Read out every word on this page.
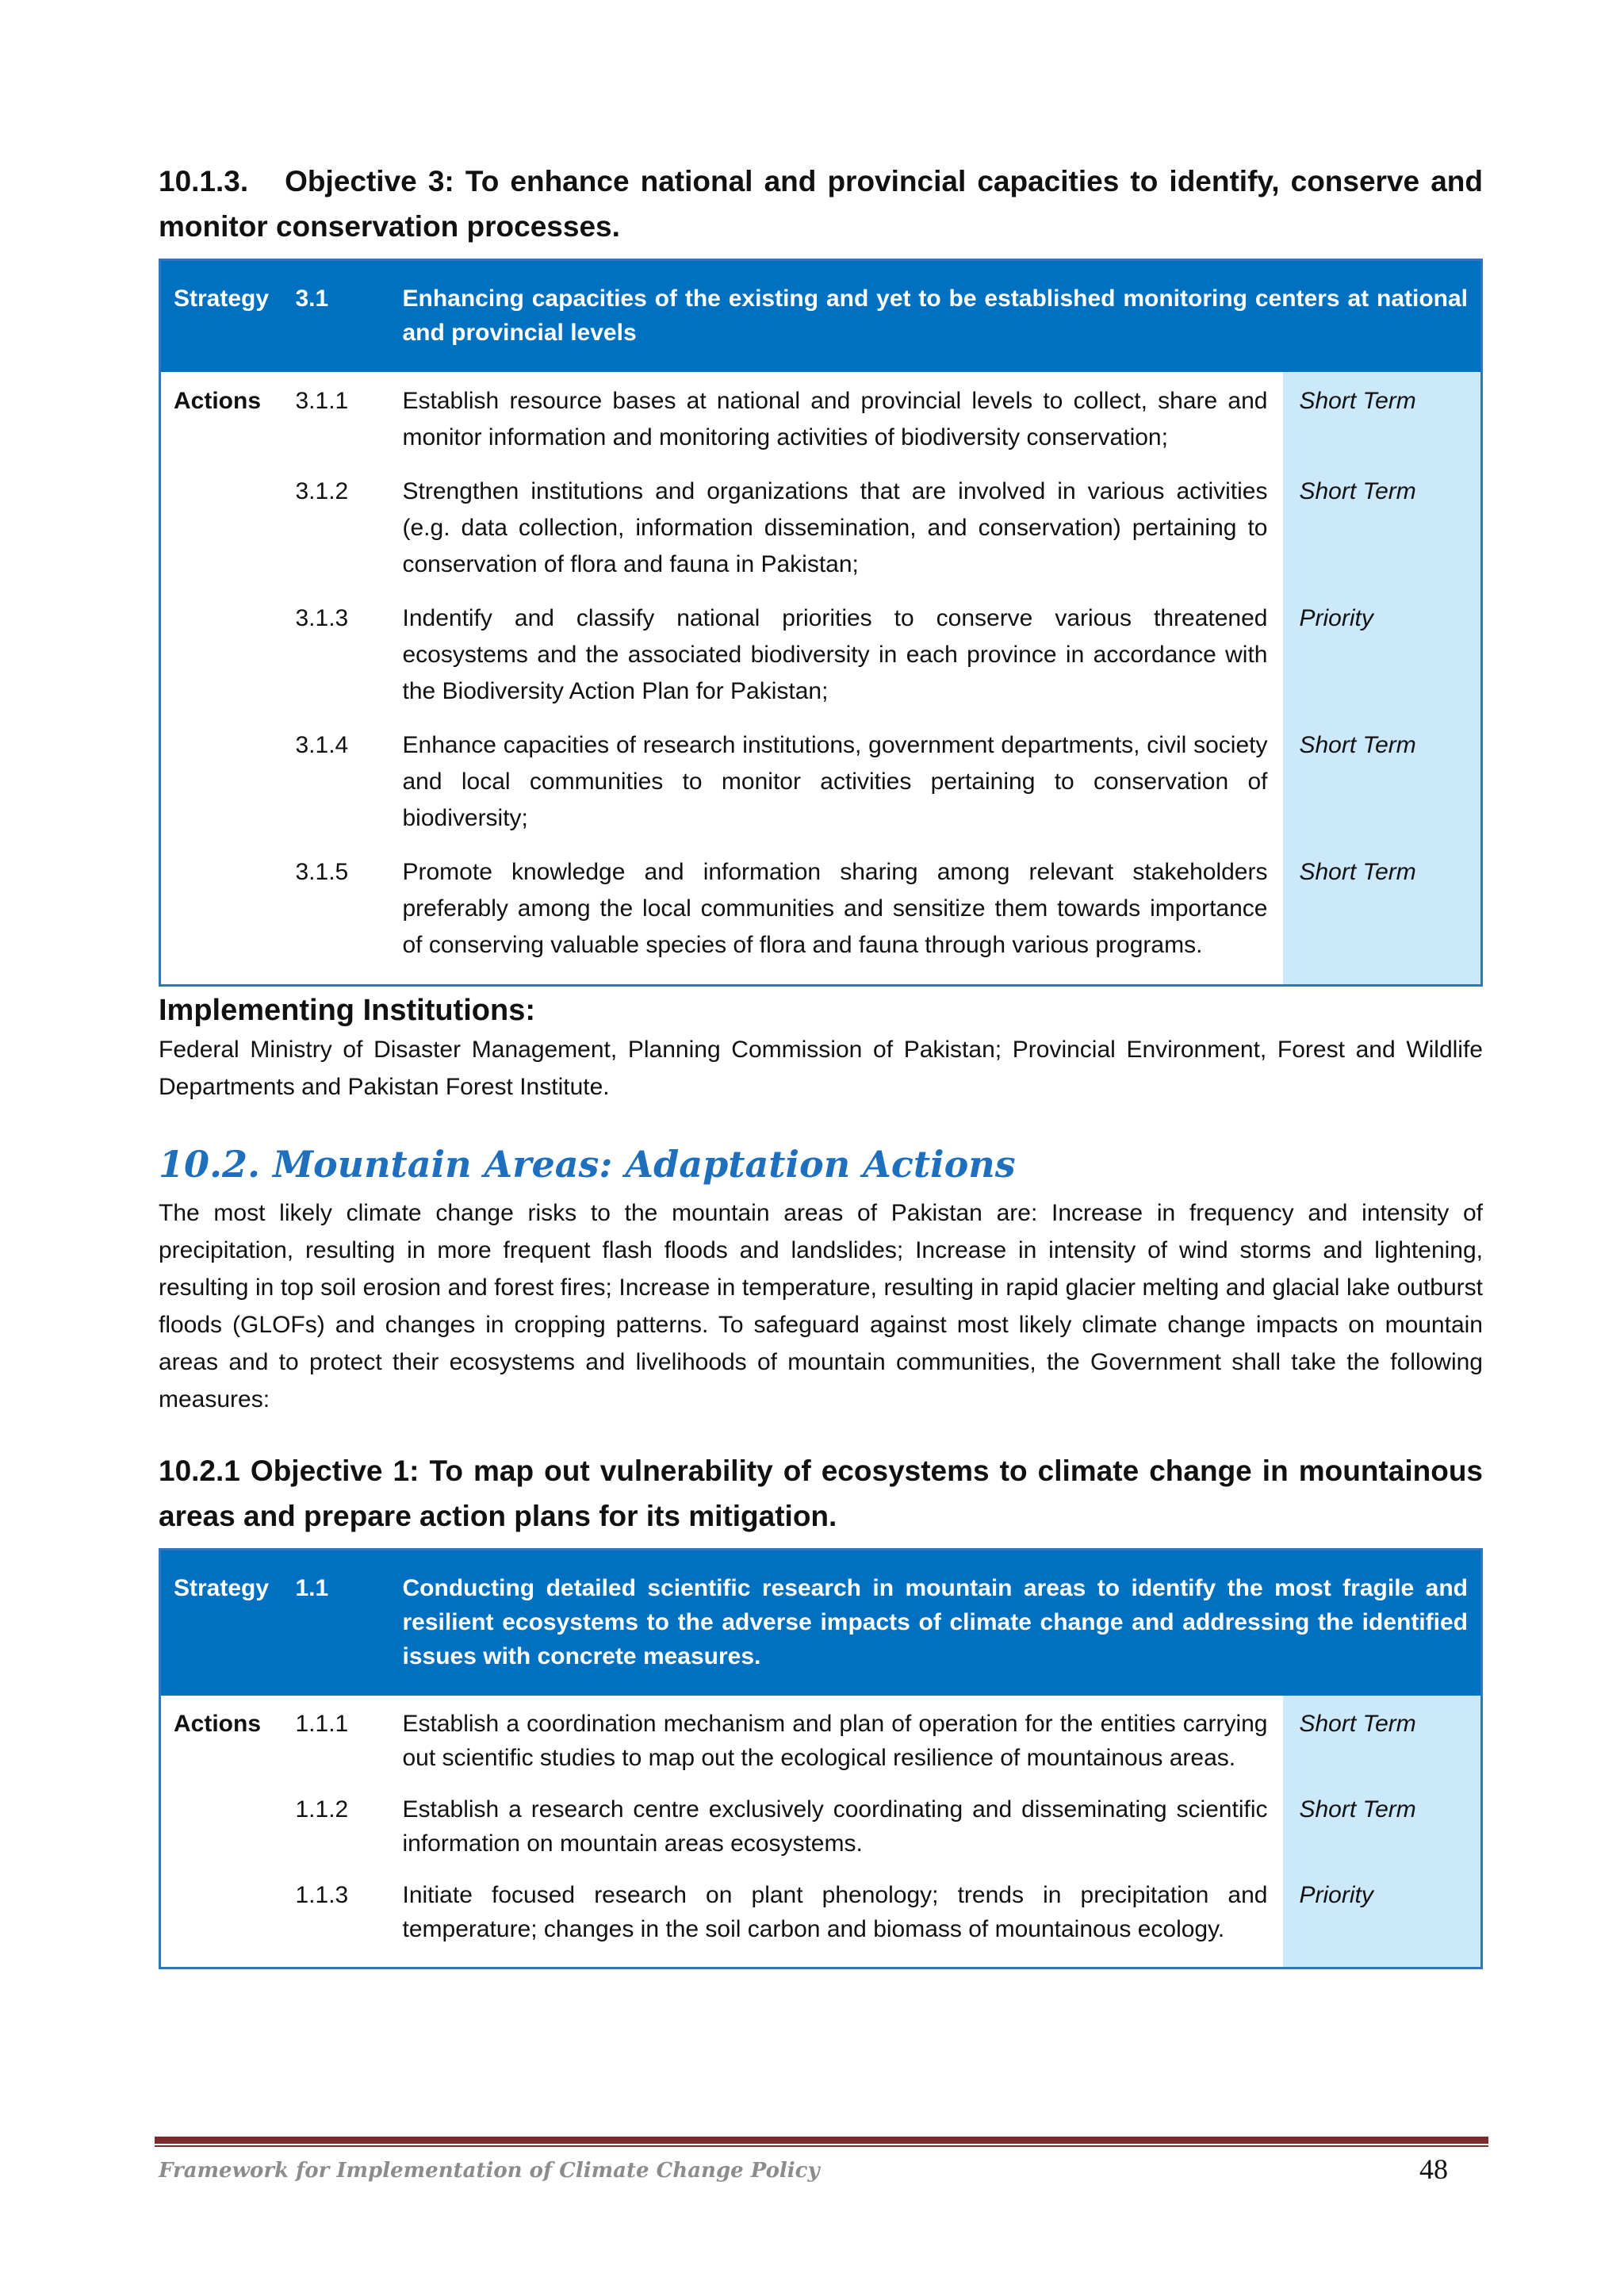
10.1.3. Objective 3: To enhance national and provincial capacities to identify, conserve and monitor conservation processes.

Strategy	3.1	Enhancing capacities of the existing and yet to be established monitoring centers at national and provincial levels	
Actions	3.1.1	Establish resource bases at national and provincial levels to collect, share and monitor information and monitoring activities of biodiversity conservation;	Short Term
	3.1.2	Strengthen institutions and organizations that are involved in various activities (e.g. data collection, information dissemination, and conservation) pertaining to conservation of flora and fauna in Pakistan;	Short Term
	3.1.3	Indentify and classify national priorities to conserve various threatened ecosystems and the associated biodiversity in each province in accordance with the Biodiversity Action Plan for Pakistan;	Priority
	3.1.4	Enhance capacities of research institutions, government departments, civil society and local communities to monitor activities pertaining to conservation of biodiversity;	Short Term
	3.1.5	Promote knowledge and information sharing among relevant stakeholders preferably among the local communities and sensitize them towards importance of conserving valuable species of flora and fauna through various programs.	Short Term

Implementing Institutions:

Federal Ministry of Disaster Management, Planning Commission of Pakistan; Provincial Environment, Forest and Wildlife Departments and Pakistan Forest Institute.

10.2. Mountain Areas: Adaptation Actions

The most likely climate change risks to the mountain areas of Pakistan are: Increase in frequency and intensity of precipitation, resulting in more frequent flash floods and landslides; Increase in intensity of wind storms and lightening, resulting in top soil erosion and forest fires; Increase in temperature, resulting in rapid glacier melting and glacial lake outburst floods (GLOFs) and changes in cropping patterns. To safeguard against most likely climate change impacts on mountain areas and to protect their ecosystems and livelihoods of mountain communities, the Government shall take the following measures:

10.2.1 Objective 1: To map out vulnerability of ecosystems to climate change in mountainous areas and prepare action plans for its mitigation.

Strategy	1.1	Conducting detailed scientific research in mountain areas to identify the most fragile and resilient ecosystems to the adverse impacts of climate change and addressing the identified issues with concrete measures.	
Actions	1.1.1	Establish a coordination mechanism and plan of operation for the entities carrying out scientific studies to map out the ecological resilience of mountainous areas.	Short Term
	1.1.2	Establish a research centre exclusively coordinating and disseminating scientific information on mountain areas ecosystems.	Short Term
	1.1.3	Initiate focused research on plant phenology; trends in precipitation and temperature; changes in the soil carbon and biomass of mountainous ecology.	Priority
Framework for Implementation of Climate Change Policy	48
